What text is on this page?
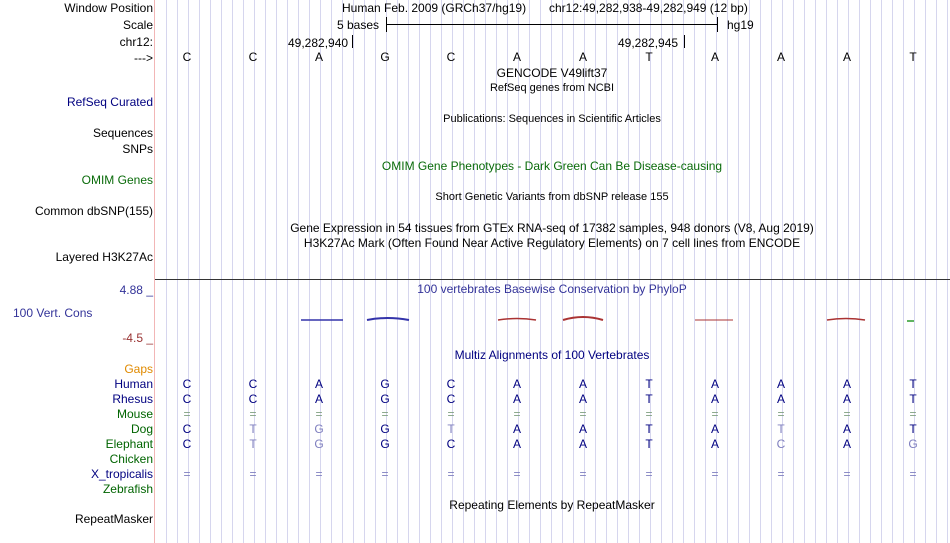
Window Position
Scale
chr12:
--->
Human Feb. 2009 (GRCh37/hg19) chr12:49,282,938-49,282,949 (12 bp)
5 bases	hg19
49,282,940	49,282,945
C	C	A	G	C	A	A	T	A	A	A	T
GENCODE V49lift37
RefSeq genes from NCBI
RefSeq Curated
Publications: Sequences in Scientific Articles
Sequences
SNPs
OMIM Gene Phenotypes - Dark Green Can Be Disease-causing
OMIM Genes
Short Genetic Variants from dbSNP release 155
Common dbSNP(155)
Gene Expression in 54 tissues from GTEx RNA-seq of 17382 samples, 948 donors (V8, Aug 2019)
H3K27Ac Mark (Often Found Near Active Regulatory Elements) on 7 cell lines from ENCODE
Layered H3K27Ac
4.88 _	100 vertebrates Basewise Conservation by PhyloP
100 Vert. Cons
-4.5 _
Multiz Alignments of 100 Vertebrates
Gaps
Human	C	C	A	G	C	A	A	T	A	A	A	T
Rhesus	C	C	A	G	C	A	A	T	A	A	A	T
Mouse	=	=	=	=	=	=	=	=	=	=	=	=
Dog	C	T	G	G	T	A	A	T	A	T	A	T
Elephant	C	T	G	G	C	A	A	T	A	C	A	G
Chicken
X_tropicalis	=	=	=	=	=	=	=	=	=	=	=	=
Zebrafish
Repeating Elements by RepeatMasker
RepeatMasker
